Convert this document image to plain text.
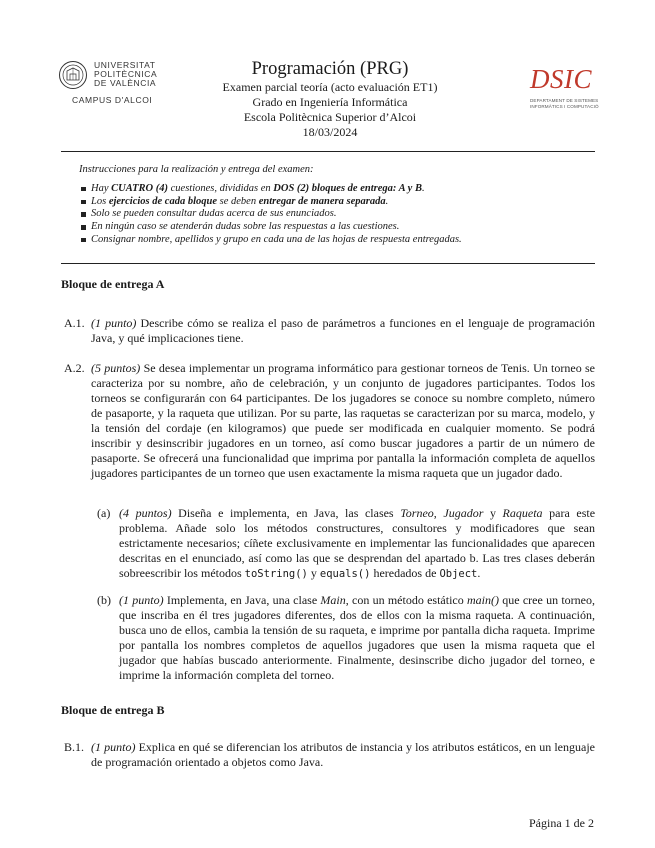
UNIVERSITAT
POLITÈCNICA
DE VALÈNCIA
CAMPUS D'ALCOI
Programación (PRG)
Examen parcial teoría (acto evaluación ET1)
Grado en Ingeniería Informática
Escola Politècnica Superior d’Alcoi
18/03/2024
DSIC
DEPARTAMENT DE SISTEMES
INFORMÀTICS I COMPUTACIÓ
Instrucciones para la realización y entrega del examen:
Hay CUATRO (4) cuestiones, divididas en DOS (2) bloques de entrega: A y B.
Los ejercicios de cada bloque se deben entregar de manera separada.
Solo se pueden consultar dudas acerca de sus enunciados.
En ningún caso se atenderán dudas sobre las respuestas a las cuestiones.
Consignar nombre, apellidos y grupo en cada una de las hojas de respuesta entregadas.
Bloque de entrega A
A.1. (1 punto) Describe cómo se realiza el paso de parámetros a funciones en el lenguaje de programación Java, y qué implicaciones tiene.
A.2. (5 puntos) Se desea implementar un programa informático para gestionar torneos de Tenis. Un torneo se caracteriza por su nombre, año de celebración, y un conjunto de jugadores participantes. Todos los torneos se configurarán con 64 participantes. De los jugadores se conoce su nombre completo, número de pasaporte, y la raqueta que utilizan. Por su parte, las raquetas se caracterizan por su marca, modelo, y la tensión del cordaje (en kilogramos) que puede ser modificada en cualquier momento. Se podrá inscribir y desinscribir jugadores en un torneo, así como buscar jugadores a partir de un número de pasaporte. Se ofrecerá una funcionalidad que imprima por pantalla la información completa de aquellos jugadores participantes de un torneo que usen exactamente la misma raqueta que un jugador dado.
(a) (4 puntos) Diseña e implementa, en Java, las clases Torneo, Jugador y Raqueta para este problema. Añade solo los métodos constructures, consultores y modificadores que sean estrictamente necesarios; cíñete exclusivamente en implementar las funcionalidades que aparecen descritas en el enunciado, así como las que se desprendan del apartado b. Las tres clases deberán sobreescribir los métodos toString() y equals() heredados de Object.
(b) (1 punto) Implementa, en Java, una clase Main, con un método estático main() que cree un torneo, que inscriba en él tres jugadores diferentes, dos de ellos con la misma raqueta. A continuación, busca uno de ellos, cambia la tensión de su raqueta, e imprime por pantalla dicha raqueta. Imprime por pantalla los nombres completos de aquellos jugadores que usen la misma raqueta que el jugador que habías buscado anteriormente. Finalmente, desinscribe dicho jugador del torneo, e imprime la información completa del torneo.
Bloque de entrega B
B.1. (1 punto) Explica en qué se diferencian los atributos de instancia y los atributos estáticos, en un lenguaje de programación orientado a objetos como Java.
Página 1 de 2
